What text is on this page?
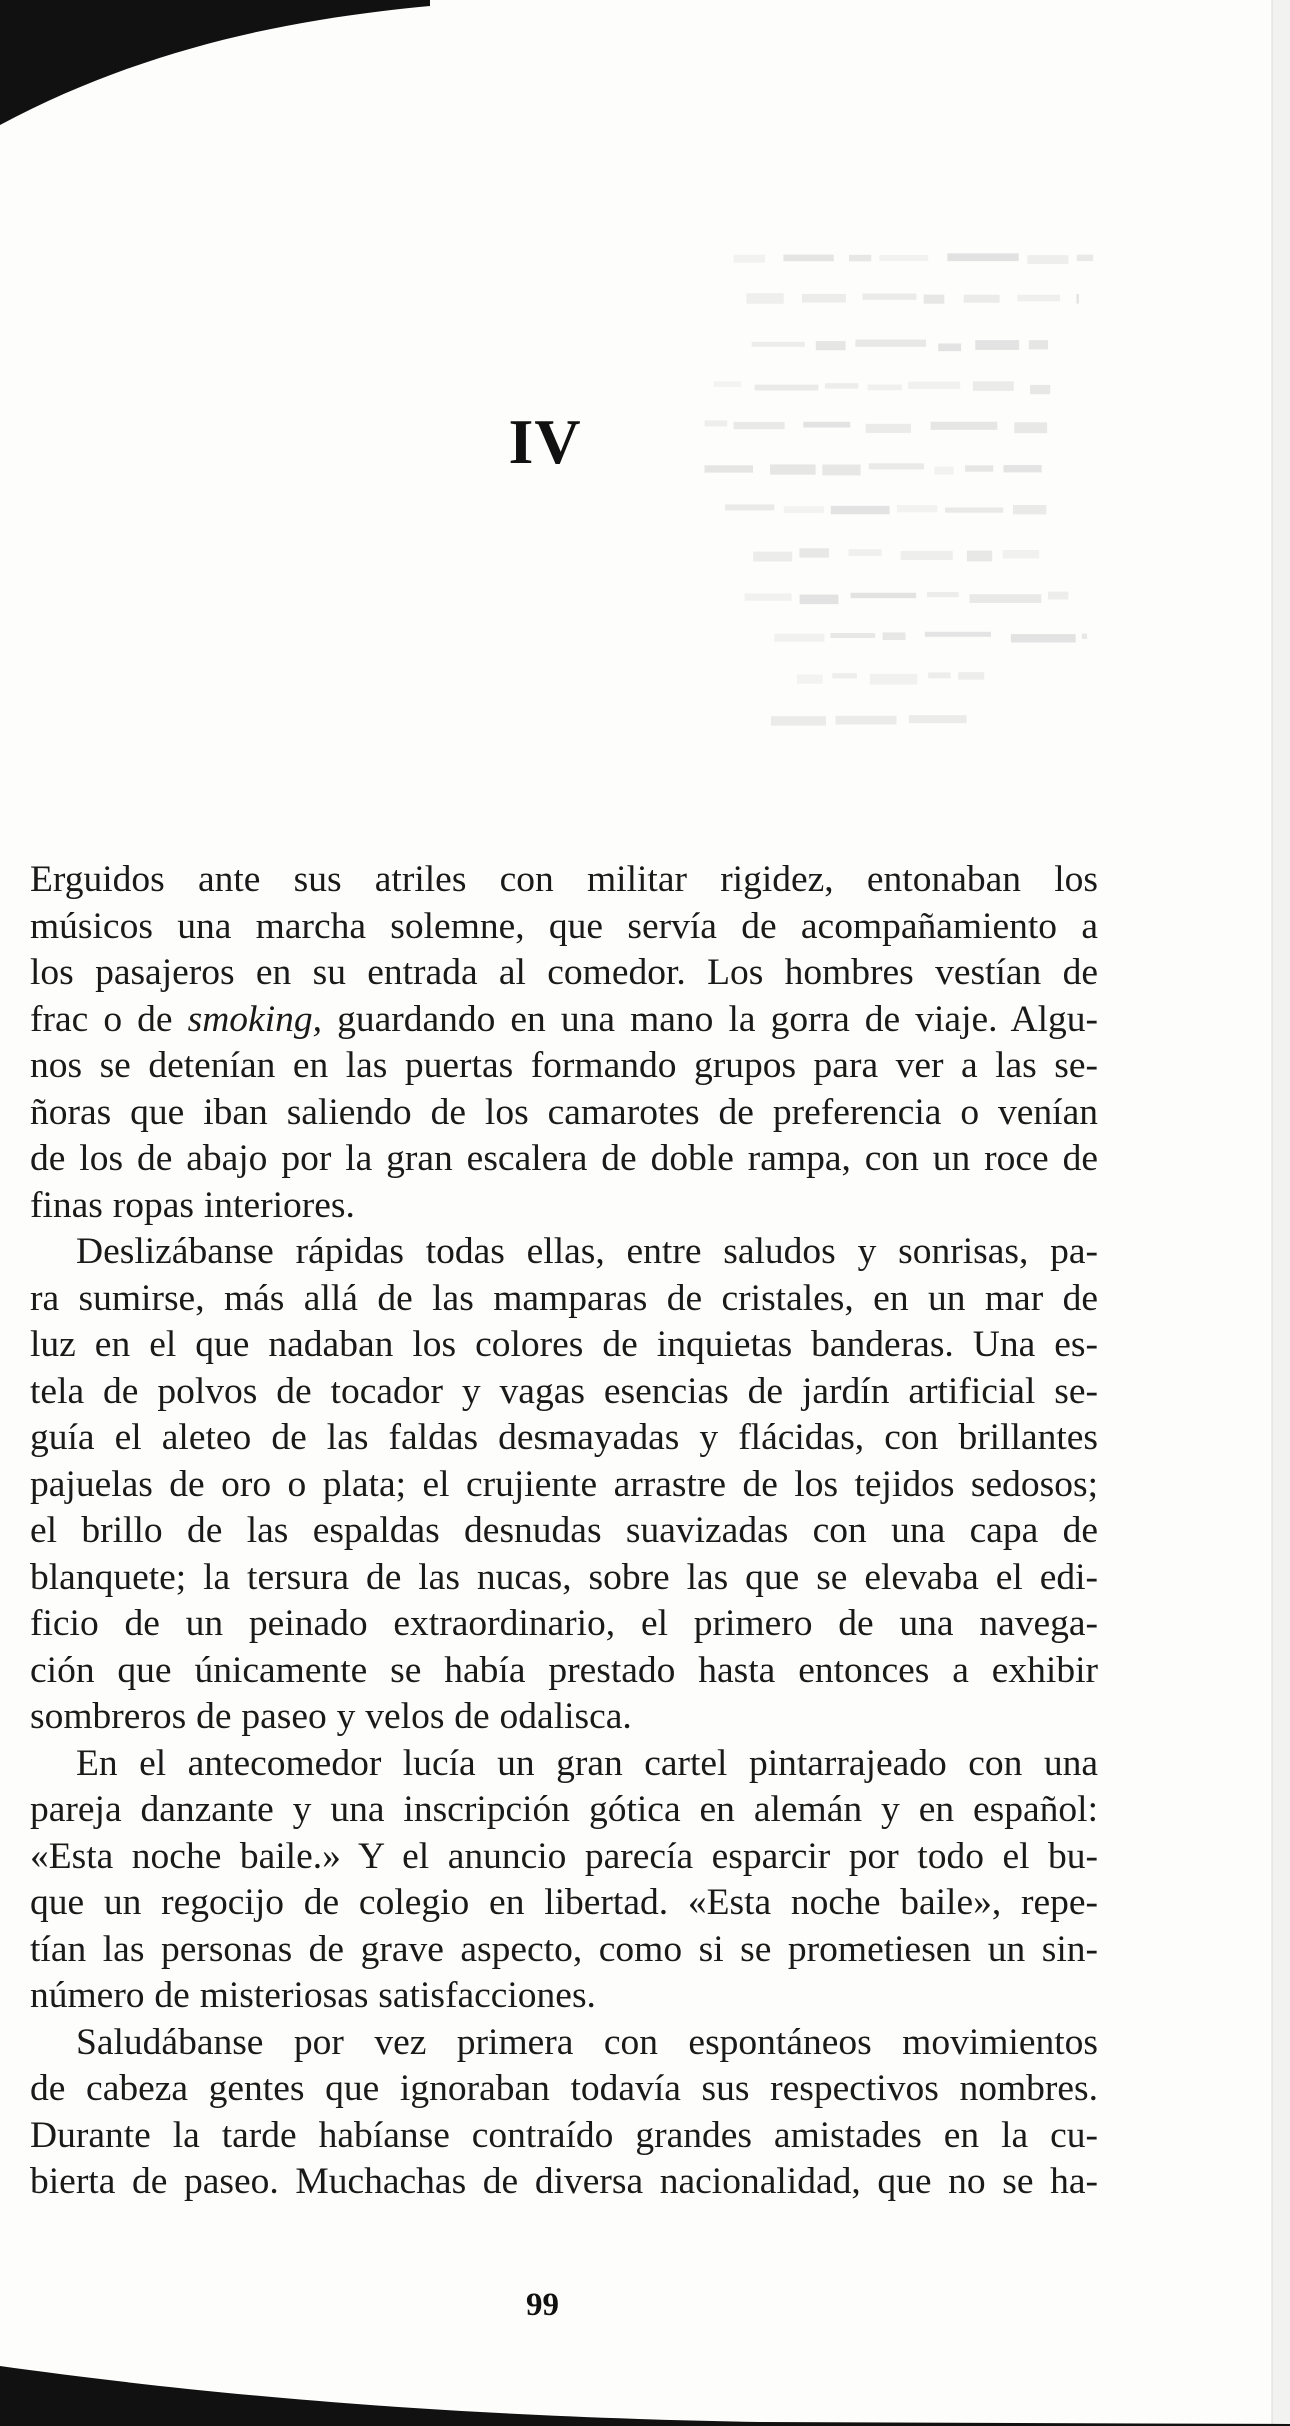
IV
Erguidos ante sus atriles con militar rigidez, entonaban los
músicos una marcha solemne, que servía de acompañamiento a
los pasajeros en su entrada al comedor. Los hombres vestían de
frac o de smoking, guardando en una mano la gorra de viaje. Algu-
nos se detenían en las puertas formando grupos para ver a las se-
ñoras que iban saliendo de los camarotes de preferencia o venían
de los de abajo por la gran escalera de doble rampa, con un roce de
finas ropas interiores.
Deslizábanse rápidas todas ellas, entre saludos y sonrisas, pa-
ra sumirse, más allá de las mamparas de cristales, en un mar de
luz en el que nadaban los colores de inquietas banderas. Una es-
tela de polvos de tocador y vagas esencias de jardín artificial se-
guía el aleteo de las faldas desmayadas y flácidas, con brillantes
pajuelas de oro o plata; el crujiente arrastre de los tejidos sedosos;
el brillo de las espaldas desnudas suavizadas con una capa de
blanquete; la tersura de las nucas, sobre las que se elevaba el edi-
ficio de un peinado extraordinario, el primero de una navega-
ción que únicamente se había prestado hasta entonces a exhibir
sombreros de paseo y velos de odalisca.
En el antecomedor lucía un gran cartel pintarrajeado con una
pareja danzante y una inscripción gótica en alemán y en español:
«Esta noche baile.» Y el anuncio parecía esparcir por todo el bu-
que un regocijo de colegio en libertad. «Esta noche baile», repe-
tían las personas de grave aspecto, como si se prometiesen un sin-
número de misteriosas satisfacciones.
Saludábanse por vez primera con espontáneos movimientos
de cabeza gentes que ignoraban todavía sus respectivos nombres.
Durante la tarde habíanse contraído grandes amistades en la cu-
bierta de paseo. Muchachas de diversa nacionalidad, que no se ha-
99
